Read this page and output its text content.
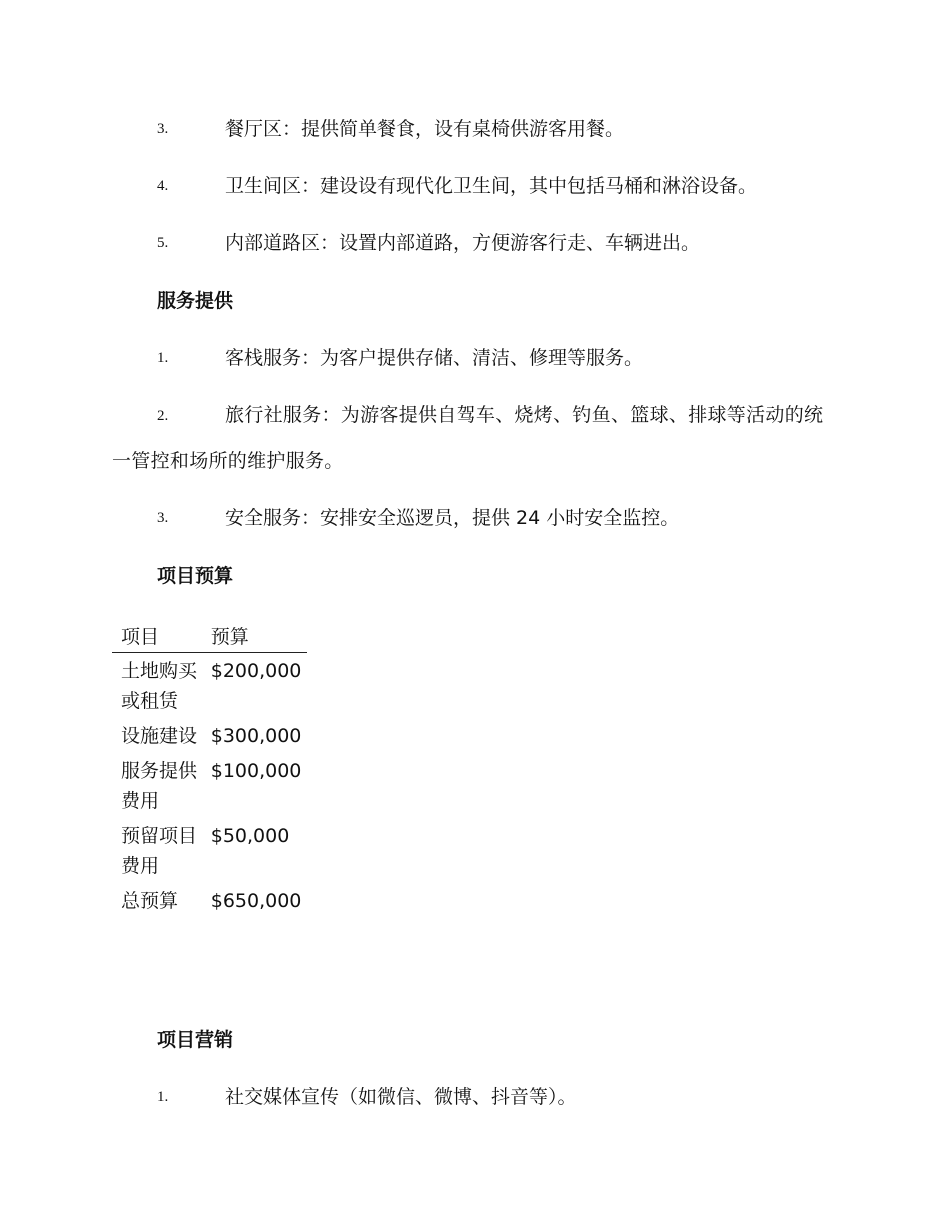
3.	餐厅区：提供简单餐食，设有桌椅供游客用餐。
4.	卫生间区：建设设有现代化卫生间，其中包括马桶和淋浴设备。
5.	内部道路区：设置内部道路，方便游客行走、车辆进出。
服务提供
1.	客栈服务：为客户提供存储、清洁、修理等服务。
2.	旅行社服务：为游客提供自驾车、烧烤、钓鱼、篮球、排球等活动的统一管控和场所的维护服务。
3.	安全服务：安排安全巡逻员，提供 24 小时安全监控。
项目预算
项目	预算
土地购买或租赁	$200,000
设施建设	$300,000
服务提供费用	$100,000
预留项目费用	$50,000
总预算	$650,000
项目营销
1.	社交媒体宣传（如微信、微博、抖音等）。
